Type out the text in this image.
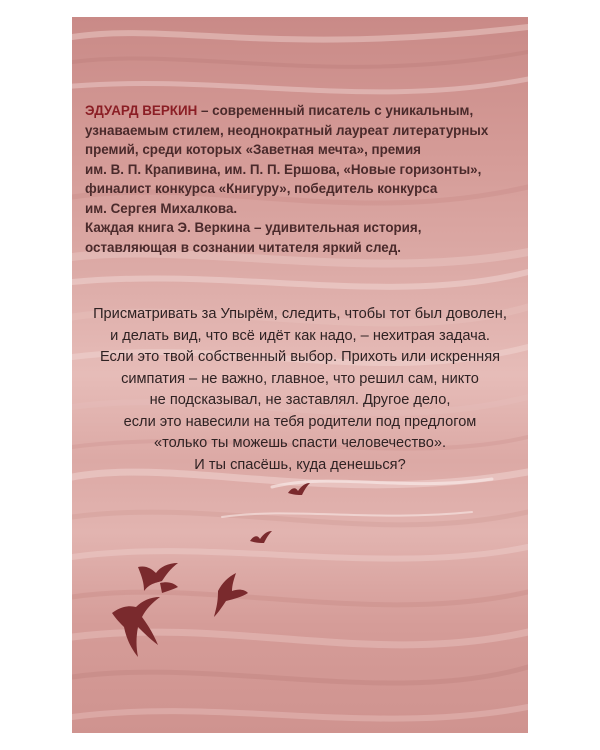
ЭДУАРД ВЕРКИН – современный писатель с уникальным,
узнаваемым стилем, неоднократный лауреат литературных
премий, среди которых «Заветная мечта», премия
им. В. П. Крапивина, им. П. П. Ершова, «Новые горизонты»,
финалист конкурса «Книгуру», победитель конкурса
им. Сергея Михалкова.
Каждая книга Э. Веркина – удивительная история,
оставляющая в сознании читателя яркий след.
Присматривать за Упырём, следить, чтобы тот был доволен,
и делать вид, что всё идёт как надо, – нехитрая задача.
Если это твой собственный выбор. Прихоть или искренняя
симпатия – не важно, главное, что решил сам, никто
не подсказывал, не заставлял. Другое дело,
если это навесили на тебя родители под предлогом
«только ты можешь спасти человечество».
И ты спасёшь, куда денешься?
